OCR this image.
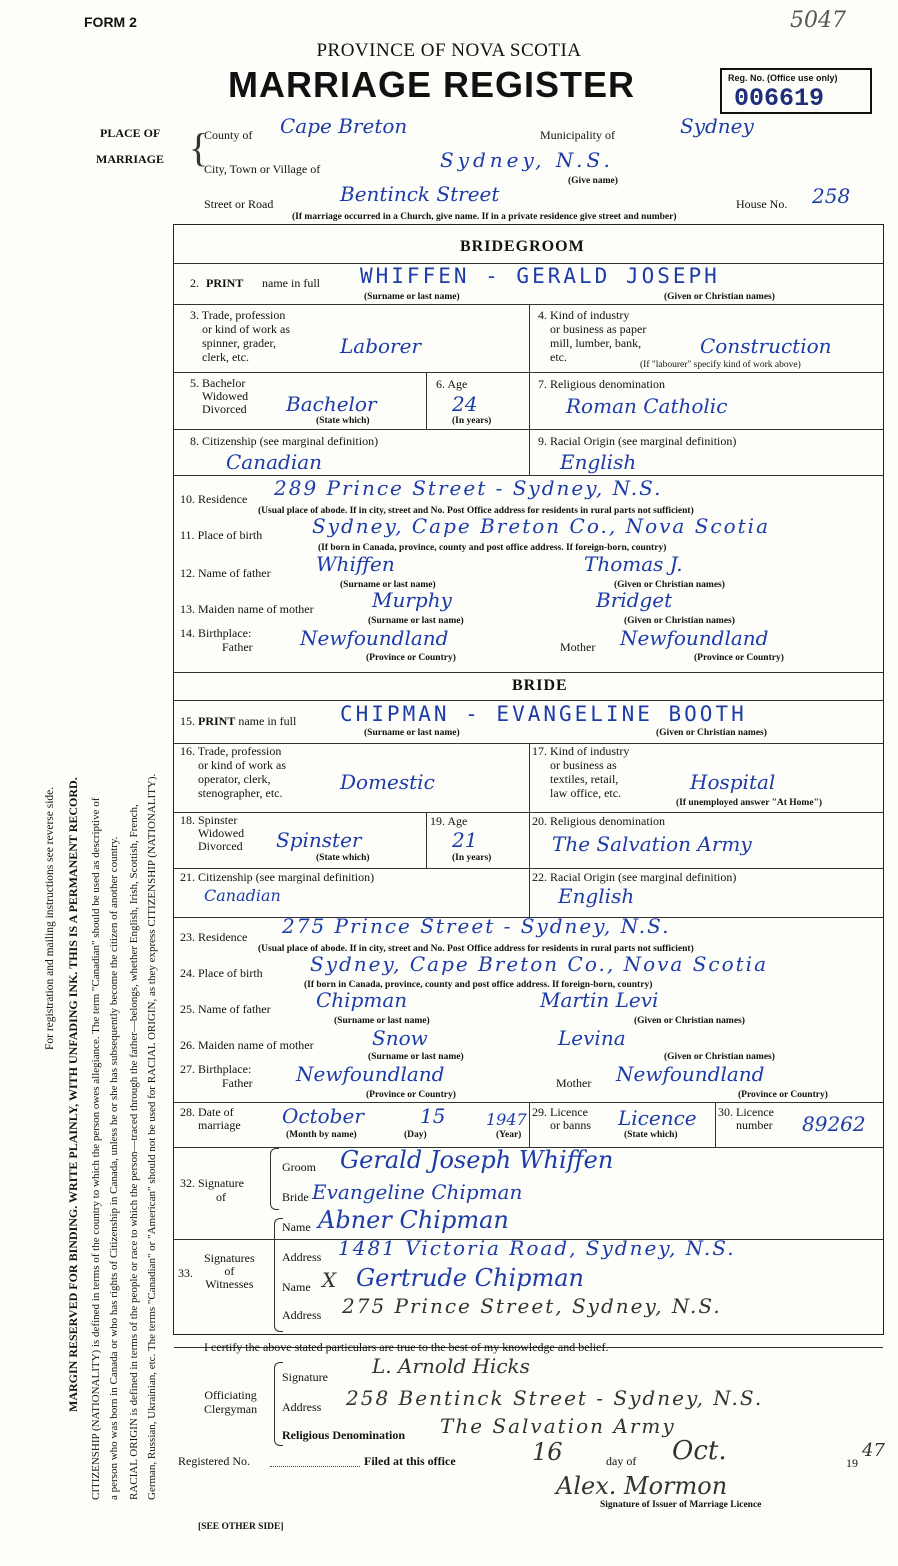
FORM 2	5047
PROVINCE OF NOVA SCOTIA
MARRIAGE REGISTER	Reg. No. (Office use only)
006619
For registration and mailing instructions see reverse side. MARGIN RESERVED FOR BINDING. WRITE PLAINLY, WITH UNFADING INK. THIS IS A PERMANENT RECORD. CITIZENSHIP (NATIONALITY) is defined in terms of the country to which the person owes allegiance. The term "Canadian" should be used as descriptive of a person who was born in Canada or who has rights of Citizenship in Canada, unless he or she has subsequently become the citizen of another country. RACIAL ORIGIN is defined in terms of the people or race to which the person—traced through the father—belongs, whether English, Irish, Scottish, French, German, Russian, Ukrainian, etc. The terms "Canadian" or "American" should not be used for RACIAL ORIGIN, as they express CITIZENSHIP (NATIONALITY).
PLACE OF
MARRIAGE {
County of Cape Breton	Municipality of	Sydney
City, Town or Village of	Sydney, N.S.
(Give name)
Street or Road	Bentinck Street	House No. 258
(If marriage occurred in a Church, give name. If in a private residence give street and number)
BRIDEGROOM
2. PRINT name in full WHIFFEN - GERALD JOSEPH
(Surname or last name)	(Given or Christian names)
3. Trade, profession
or kind of work as
spinner, grader,
clerk, etc.	Laborer
4. Kind of industry
or business as paper
mill, lumber, bank,
etc.	Construction
(If "labourer" specify kind of work above)
5. Bachelor
Widowed
Divorced Bachelor
(State which)
6. Age
24
(In years)
7. Religious denomination
Roman Catholic
8. Citizenship (see marginal definition)
Canadian
9. Racial Origin (see marginal definition)
English
10. Residence 289 Prince Street - Sydney, N.S.
(Usual place of abode. If in city, street and No. Post Office address for residents in rural parts not sufficient)
11. Place of birth Sydney, Cape Breton Co., Nova Scotia
(If born in Canada, province, county and post office address. If foreign-born, country)
12. Name of father Whiffen	Thomas J.
(Surname or last name)	(Given or Christian names)
13. Maiden name of mother	Murphy	Bridget
(Surname or last name)	(Given or Christian names)
14. Birthplace:
Father Newfoundland	Mother Newfoundland
(Province or Country)	(Province or Country)
BRIDE
15. PRINT name in full CHIPMAN - EVANGELINE BOOTH
(Surname or last name)	(Given or Christian names)
16. Trade, profession
or kind of work as
operator, clerk,
stenographer, etc.	Domestic
17. Kind of industry
or business as
textiles, retail,
law office, etc.	Hospital
(If unemployed answer "At Home")
18. Spinster
Widowed
Divorced Spinster
(State which)
19. Age
21
(In years)
20. Religious denomination
The Salvation Army
21. Citizenship (see marginal definition)
Canadian
22. Racial Origin (see marginal definition)
English
23. Residence 275 Prince Street - Sydney, N.S.
(Usual place of abode. If in city, street and No. Post Office address for residents in rural parts not sufficient)
24. Place of birth Sydney, Cape Breton Co., Nova Scotia
(If born in Canada, province, county and post office address. If foreign-born, country)
25. Name of father Chipman	Martin Levi
(Surname or last name)	(Given or Christian names)
26. Maiden name of mother	Snow	Levina
(Surname or last name)	(Given or Christian names)
27. Birthplace:
Father Newfoundland	Mother Newfoundland
(Province or Country)	(Province or Country)
28. Date of
marriage October	15	1947
(Month by name)	(Day)	(Year)
29. Licence
or banns Licence
(State which)
30. Licence
number 89262
32. Signature
of
Groom Gerald Joseph Whiffen
Bride Evangeline Chipman
33.
Signatures
of
Witnesses
Name Abner Chipman
Address 1481 Victoria Road, Sydney, N.S.
Name X Gertrude Chipman
Address 275 Prince Street, Sydney, N.S.
I certify the above stated particulars are true to the best of my knowledge and belief.
Officiating
Clergyman
Signature L. Arnold Hicks
Address 258 Bentinck Street - Sydney, N.S.
Religious Denomination The Salvation Army
Registered No.	Filed at this office	16	day of Oct.	19
47
Alex. Mormon
Signature of Issuer of Marriage Licence
[SEE OTHER SIDE]
